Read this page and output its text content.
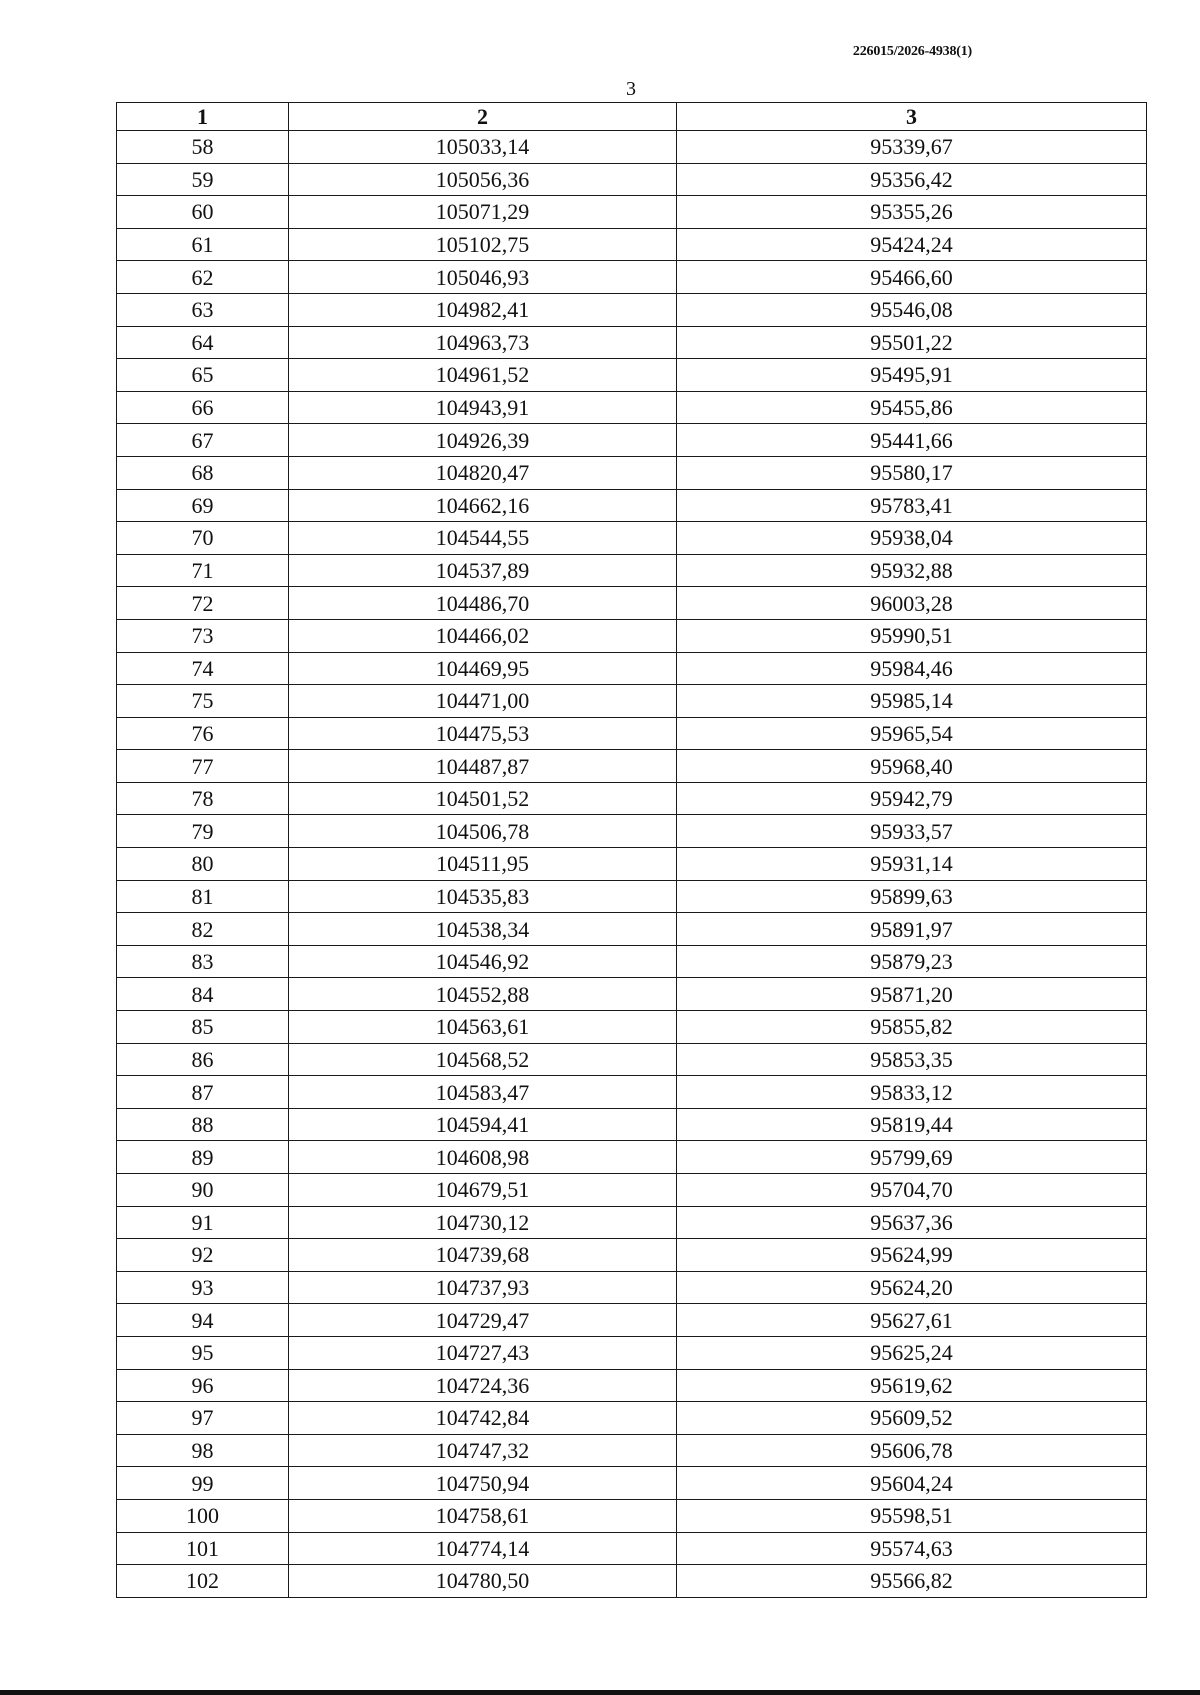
226015/2026-4938(1)
3
1	2	3
58	105033,14	95339,67
59	105056,36	95356,42
60	105071,29	95355,26
61	105102,75	95424,24
62	105046,93	95466,60
63	104982,41	95546,08
64	104963,73	95501,22
65	104961,52	95495,91
66	104943,91	95455,86
67	104926,39	95441,66
68	104820,47	95580,17
69	104662,16	95783,41
70	104544,55	95938,04
71	104537,89	95932,88
72	104486,70	96003,28
73	104466,02	95990,51
74	104469,95	95984,46
75	104471,00	95985,14
76	104475,53	95965,54
77	104487,87	95968,40
78	104501,52	95942,79
79	104506,78	95933,57
80	104511,95	95931,14
81	104535,83	95899,63
82	104538,34	95891,97
83	104546,92	95879,23
84	104552,88	95871,20
85	104563,61	95855,82
86	104568,52	95853,35
87	104583,47	95833,12
88	104594,41	95819,44
89	104608,98	95799,69
90	104679,51	95704,70
91	104730,12	95637,36
92	104739,68	95624,99
93	104737,93	95624,20
94	104729,47	95627,61
95	104727,43	95625,24
96	104724,36	95619,62
97	104742,84	95609,52
98	104747,32	95606,78
99	104750,94	95604,24
100	104758,61	95598,51
101	104774,14	95574,63
102	104780,50	95566,82
